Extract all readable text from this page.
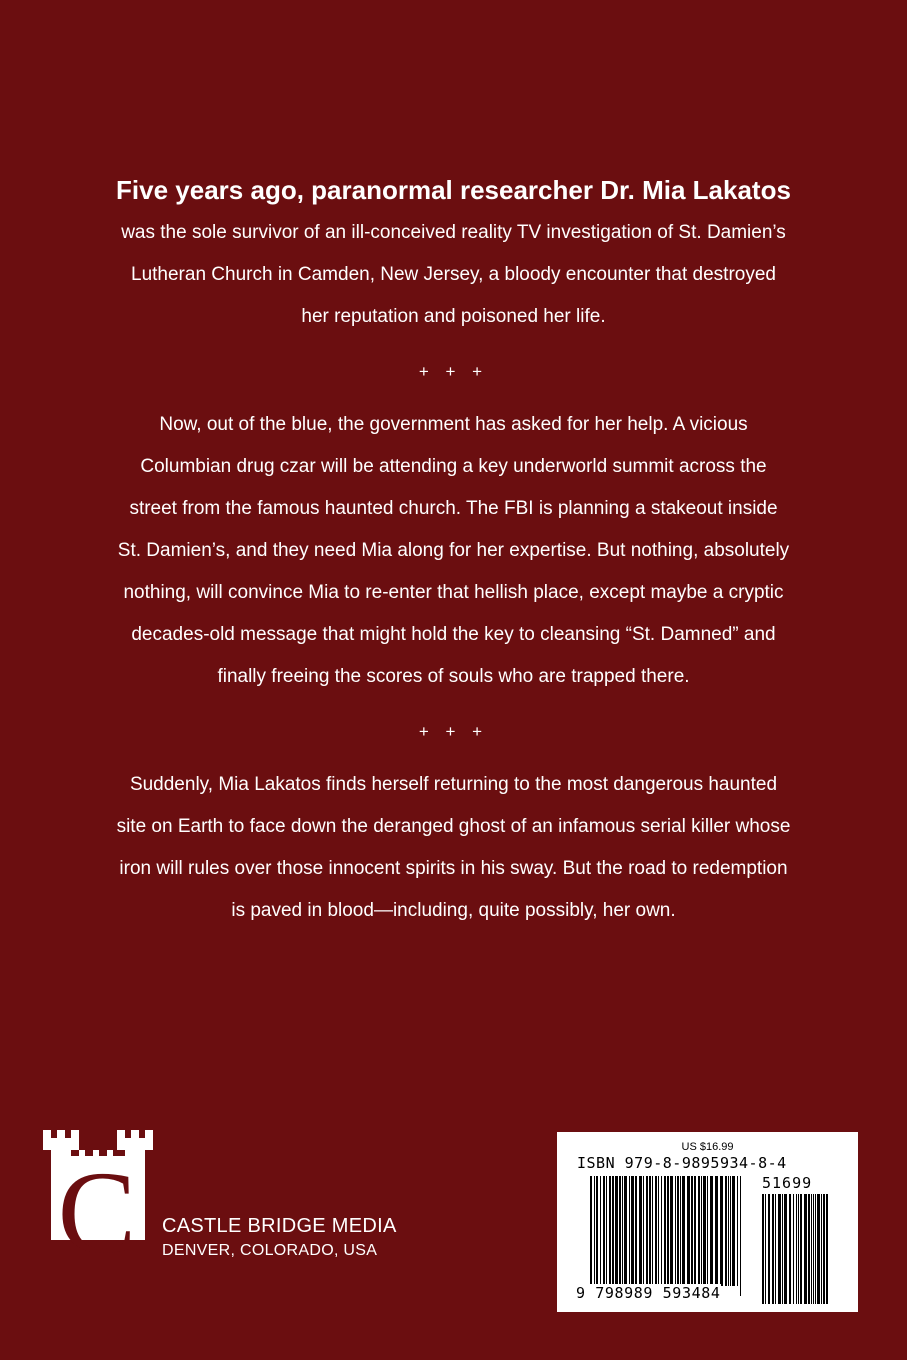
Five years ago, paranormal researcher Dr. Mia Lakatos

was the sole survivor of an ill-conceived reality TV investigation of St. Damien’s

Lutheran Church in Camden, New Jersey, a bloody encounter that destroyed

her reputation and poisoned her life.

+ + +

Now, out of the blue, the government has asked for her help. A vicious

Columbian drug czar will be attending a key underworld summit across the

street from the famous haunted church. The FBI is planning a stakeout inside

St. Damien’s, and they need Mia along for her expertise. But nothing, absolutely

nothing, will convince Mia to re-enter that hellish place, except maybe a cryptic

decades-old message that might hold the key to cleansing “St. Damned” and

finally freeing the scores of souls who are trapped there.

+ + +

Suddenly, Mia Lakatos finds herself returning to the most dangerous haunted

site on Earth to face down the deranged ghost of an infamous serial killer whose

iron will rules over those innocent spirits in his sway. But the road to redemption

is paved in blood—including, quite possibly, her own.

C CASTLE BRIDGE MEDIA
DENVER, COLORADO, USA
US $16.99
ISBN 979-8-9895934-8-4
51699
9 798989 593484
